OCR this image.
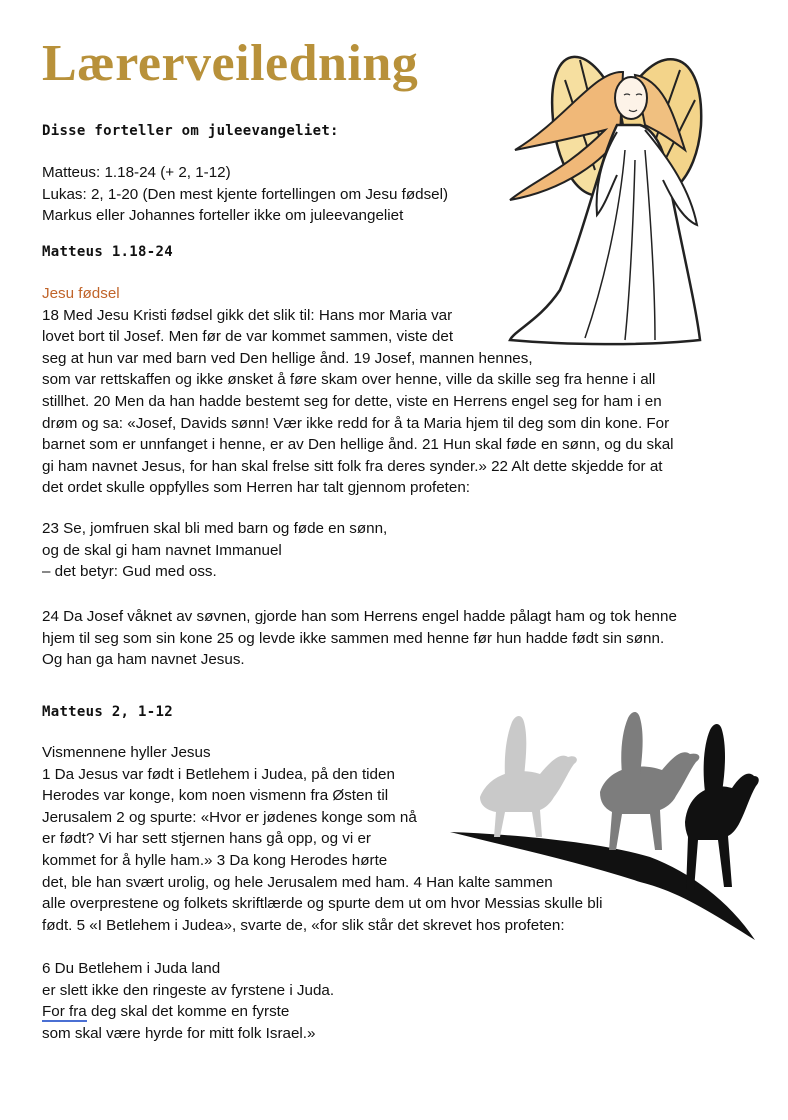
Lærerveiledning

Disse forteller om juleevangeliet:

Matteus: 1.18-24 (+ 2, 1-12)
Lukas: 2, 1-20 (Den mest kjente fortellingen om Jesu fødsel)
Markus eller Johannes forteller ikke om juleevangeliet

Matteus 1.18-24

Jesu fødsel
18 Med Jesu Kristi fødsel gikk det slik til: Hans mor Maria var
lovet bort til Josef. Men før de var kommet sammen, viste det
seg at hun var med barn ved Den hellige ånd. 19 Josef, mannen hennes,
som var rettskaffen og ikke ønsket å føre skam over henne, ville da skille seg fra henne i all
stillhet. 20 Men da han hadde bestemt seg for dette, viste en Herrens engel seg for ham i en
drøm og sa: «Josef, Davids sønn! Vær ikke redd for å ta Maria hjem til deg som din kone. For
barnet som er unnfanget i henne, er av Den hellige ånd. 21 Hun skal føde en sønn, og du skal
gi ham navnet Jesus, for han skal frelse sitt folk fra deres synder.» 22 Alt dette skjedde for at
det ordet skulle oppfylles som Herren har talt gjennom profeten:
23 Se, jomfruen skal bli med barn og føde en sønn,
og de skal gi ham navnet Immanuel
– det betyr: Gud med oss.
24 Da Josef våknet av søvnen, gjorde han som Herrens engel hadde pålagt ham og tok henne
hjem til seg som sin kone 25 og levde ikke sammen med henne før hun hadde født sin sønn.
Og han ga ham navnet Jesus.

Matteus 2, 1-12

Vismennene hyller Jesus
1 Da Jesus var født i Betlehem i Judea, på den tiden
Herodes var konge, kom noen vismenn fra Østen til
Jerusalem 2 og spurte: «Hvor er jødenes konge som nå
er født? Vi har sett stjernen hans gå opp, og vi er
kommet for å hylle ham.» 3 Da kong Herodes hørte
det, ble han svært urolig, og hele Jerusalem med ham. 4 Han kalte sammen
alle overprestene og folkets skriftlærde og spurte dem ut om hvor Messias skulle bli
født. 5 «I Betlehem i Judea», svarte de, «for slik står det skrevet hos profeten:
6 Du Betlehem i Juda land
er slett ikke den ringeste av fyrstene i Juda.
For fra deg skal det komme en fyrste
som skal være hyrde for mitt folk Israel.»
